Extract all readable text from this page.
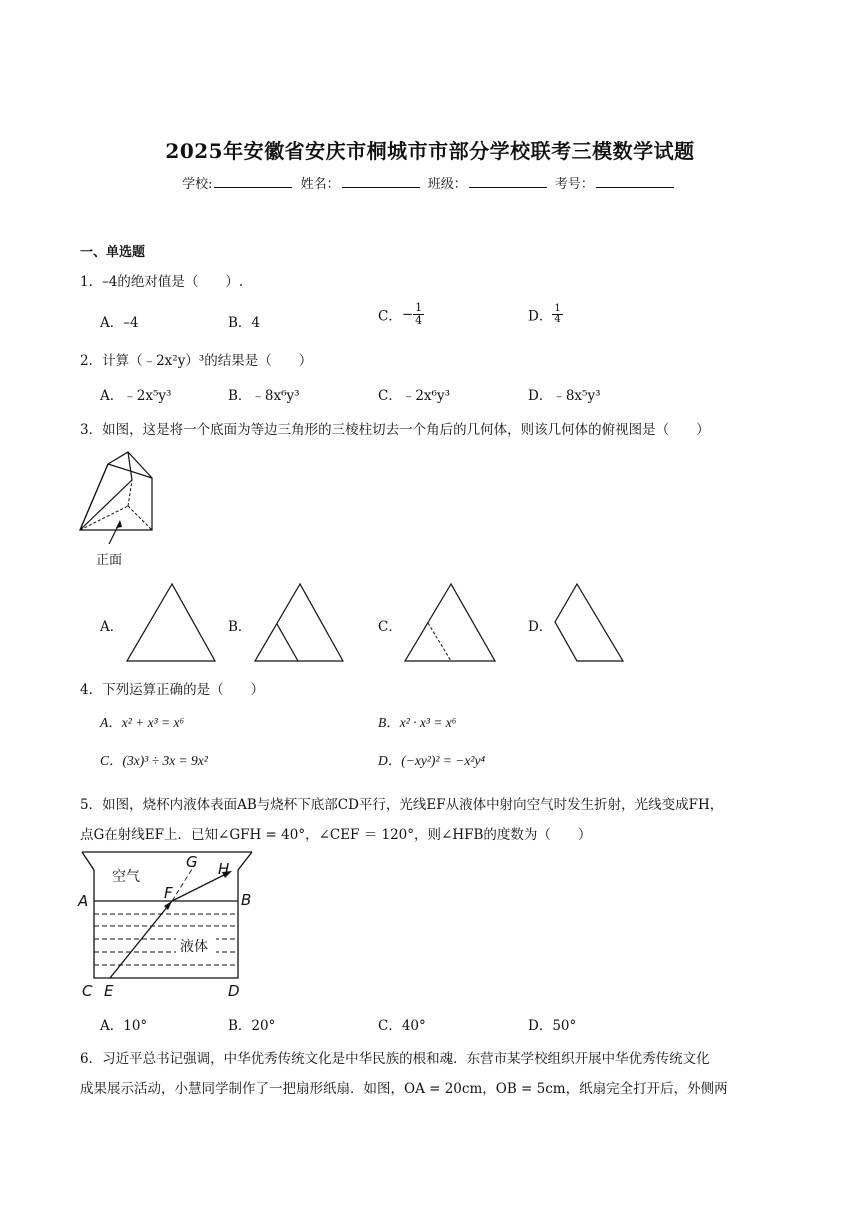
2025年安徽省安庆市桐城市市部分学校联考三模数学试题
学校:	姓名：	班级：	考号：
一、单选题
1．–4的绝对值是（　　）.
A．–4	B．4	C．− $\frac{1}{4}$	D． $\frac{1}{4}$
2．计算（﹣2x²y）³的结果是（　　）
A．﹣2x⁵y³	B．﹣8x⁶y³	C．﹣2x⁶y³	D．﹣8x⁵y³
3．如图，这是将一个底面为等边三角形的三棱柱切去一个角后的几何体，则该几何体的俯视图是（　　）
正面
A．	B．	C．	D．
4．下列运算正确的是（　　）
A．x² + x³ = x⁶	B．x² · x³ = x⁶
C．(3x)³ ÷ 3x = 9x²	D．(−xy²)² = −x²y⁴
5．如图，烧杯内液体表面AB与烧杯下底部CD平行，光线EF从液体中射向空气时发生折射，光线变成FH，
点G在射线EF上．已知∠GFH = 40°，∠CEF ＝ 120°，则∠HFB的度数为（　　）
空气
液体
A	B
C E	D
F
G H
A．10°	B．20°	C．40°	D．50°
6．习近平总书记强调，中华优秀传统文化是中华民族的根和魂．东营市某学校组织开展中华优秀传统文化
成果展示活动，小慧同学制作了一把扇形纸扇．如图，OA = 20cm，OB = 5cm，纸扇完全打开后，外侧两
